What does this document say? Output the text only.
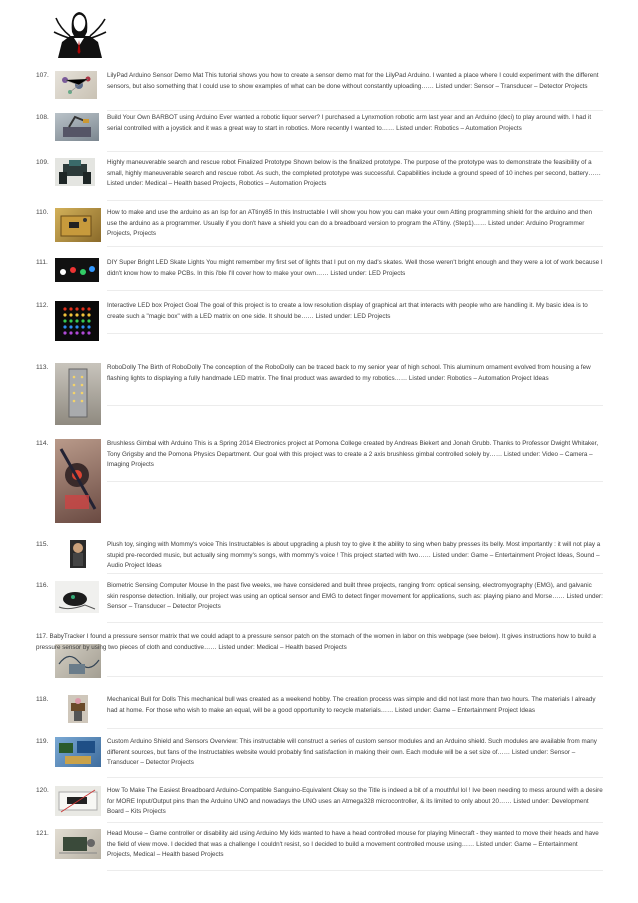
107.	LilyPad Arduino Sensor Demo Mat This tutorial shows you how to create a sensor demo mat for the LilyPad Arduino. I wanted a place where I could experiment with the different sensors, but also something that I could use to show examples of what can be done without constantly uploading…… Listed under: Sensor – Transducer – Detector Projects
108.	Build Your Own BARBOT using Arduino Ever wanted a robotic liquor server? I purchased a Lynxmotion robotic arm last year and an Arduino (deci) to play around with. I had it serial controlled with a joystick and it was a great way to start in robotics. More recently I wanted to…… Listed under: Robotics – Automation Projects
109.	Highly maneuverable search and rescue robot Finalized Prototype Shown below is the finalized prototype. The purpose of the prototype was to demonstrate the feasibility of a small, highly maneuverable search and rescue robot. As such, the completed prototype was successful. Capabilities include a ground speed of 10 inches per second, battery…… Listed under: Medical – Health based Projects, Robotics – Automation Projects
110.	How to make and use the arduino as an Isp for an ATtiny85 In this Instructable I will show you how you can make your own Atting programming shield for the arduino and then use the arduino as a programmer. Usually if you don't have a shield you can do a breadboard version to program the ATtiny. (Step1)…… Listed under: Arduino Programmer Projects, Projects
111.	DIY Super Bright LED Skate Lights You might remember my first set of lights that I put on my dad's skates. Well those weren't bright enough and they were a lot of work because I didn't know how to make PCBs. In this i'ble I'll cover how to make your own…… Listed under: LED Projects
112.	Interactive LED box Project Goal The goal of this project is to create a low resolution display of graphical art that interacts with people who are handling it. My basic idea is to create such a "magic box" with a LED matrix on one side. It should be…… Listed under: LED Projects
113.	RoboDolly The Birth of RoboDolly The conception of the RoboDolly can be traced back to my senior year of high school. This aluminum ornament evolved from housing a few flashing lights to displaying a fully handmade LED matrix. The final product was awarded to my robotics…… Listed under: Robotics – Automation Project Ideas
114.	Brushless Gimbal with Arduino This is a Spring 2014 Electronics project at Pomona College created by Andreas Biekert and Jonah Grubb. Thanks to Professor Dwight Whitaker, Tony Grigsby and the Pomona Physics Department. Our goal with this project was to create a 2 axis brushless gimbal controlled solely by…… Listed under: Video – Camera – Imaging Projects
115.	Plush toy, singing with Mommy's voice This Instructables is about upgrading a plush toy to give it the ability to sing when baby presses its belly. Most importantly : it will not play a stupid pre-recorded music, but actually sing mommy's songs, with mommy's voice ! This project started with two…… Listed under: Game – Entertainment Project Ideas, Sound – Audio Project Ideas
116.	Biometric Sensing Computer Mouse In the past five weeks, we have considered and built three projects, ranging from: optical sensing, electromyography (EMG), and galvanic skin response detection. Initially, our project was using an optical sensor and EMG to detect finger movement for applications, such as: playing piano and Morse…… Listed under: Sensor – Transducer – Detector Projects
117. BabyTracker I found a pressure sensor matrix that we could adapt to a pressure sensor patch on the stomach of the women in labor on this webpage (see below). It gives instructions how to build a pressure sensor by using two pieces of cloth and conductive…… Listed under: Medical – Health based Projects
118.	Mechanical Bull for Dolls This mechanical bull was created as a weekend hobby. The creation process was simple and did not last more than two hours. The materials I already had at home. For those who wish to make an equal, will be a good opportunity to recycle materials…… Listed under: Game – Entertainment Project Ideas
119.	Custom Arduino Shield and Sensors Overview: This instructable will construct a series of custom sensor modules and an Arduino shield. Such modules are available from many different sources, but fans of the Instructables website would probably find satisfaction in making their own. Each module will be a set size of…… Listed under: Sensor – Transducer – Detector Projects
120.	How To Make The Easiest Breadboard Arduino-Compatible Sanguino-Equivalent Okay so the Title is indeed a bit of a mouthful lol ! Ive been needing to mess around with a desire for MORE Input/Output pins than the Arduino UNO and nowadays the UNO uses an Atmega328 microcontroller, & its limited to only about 20…… Listed under: Development Board – Kits Projects
121.	Head Mouse – Game controller or disability aid using Arduino My kids wanted to have a head controlled mouse for playing Minecraft - they wanted to move their heads and have the field of view move. I decided that was a challenge I couldn't resist, so I decided to build a movement controlled mouse using…… Listed under: Game – Entertainment Projects, Medical – Health based Projects
